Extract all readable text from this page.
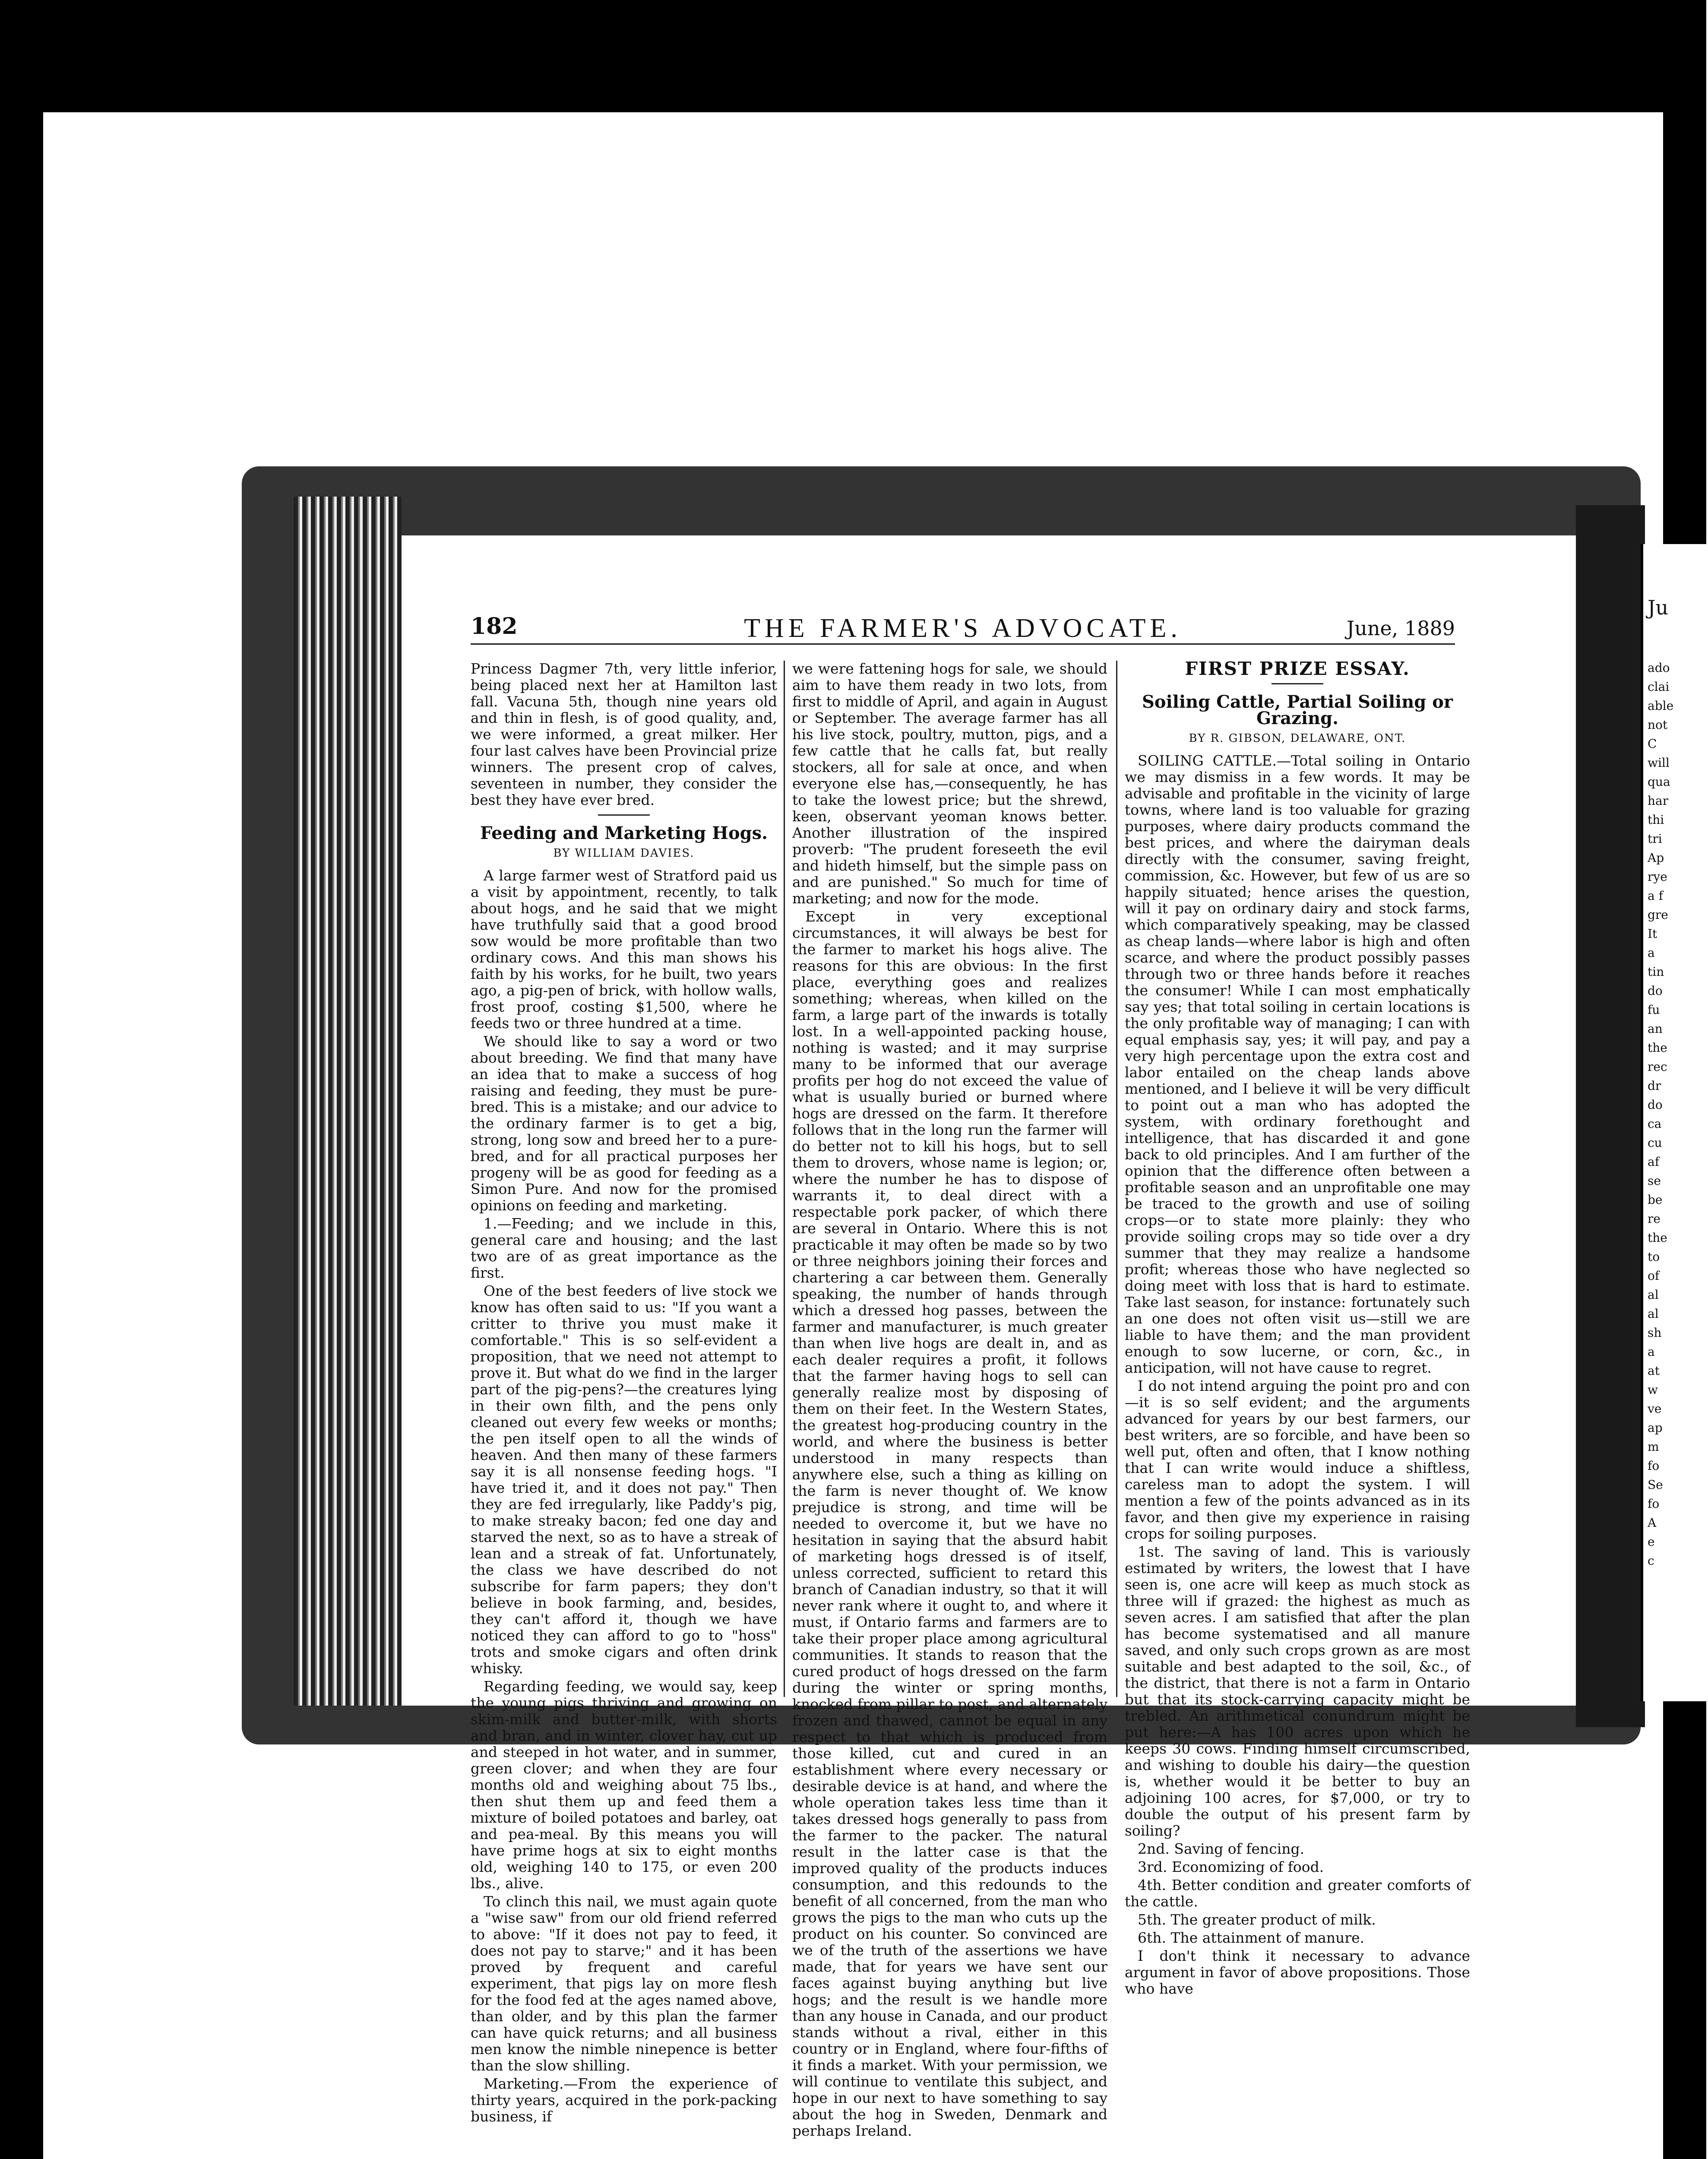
Ju
ado
clai
able
not
C
will
qua
har
thi
tri
Ap
rye
a f
gre
It
a
tin
do
fu
an
the
rec
dr
do
ca
cu
af
se
be
re
the
to
of
al
al
sh
a
at
w
ve
ap
m
fo
Se
fo
A
e
c
182	THE FARMER'S ADVOCATE.	June, 1889

Princess Dagmer 7th, very little inferior, being placed next her at Hamilton last fall. Vacuna 5th, though nine years old and thin in flesh, is of good quality, and, we were informed, a great milker. Her four last calves have been Provincial prize winners. The present crop of calves, seventeen in number, they consider the best they have ever bred.

Feeding and Marketing Hogs.
BY WILLIAM DAVIES.

A large farmer west of Stratford paid us a visit by appointment, recently, to talk about hogs, and he said that we might have truthfully said that a good brood sow would be more profitable than two ordinary cows. And this man shows his faith by his works, for he built, two years ago, a pig-pen of brick, with hollow walls, frost proof, costing $1,500, where he feeds two or three hundred at a time.

We should like to say a word or two about breeding. We find that many have an idea that to make a success of hog raising and feeding, they must be pure-bred. This is a mistake; and our advice to the ordinary farmer is to get a big, strong, long sow and breed her to a pure-bred, and for all practical purposes her progeny will be as good for feeding as a Simon Pure. And now for the promised opinions on feeding and marketing.

1.—Feeding; and we include in this, general care and housing; and the last two are of as great importance as the first.

One of the best feeders of live stock we know has often said to us: "If you want a critter to thrive you must make it comfortable." This is so self-evident a proposition, that we need not attempt to prove it. But what do we find in the larger part of the pig-pens?—the creatures lying in their own filth, and the pens only cleaned out every few weeks or months; the pen itself open to all the winds of heaven. And then many of these farmers say it is all nonsense feeding hogs. "I have tried it, and it does not pay." Then they are fed irregularly, like Paddy's pig, to make streaky bacon; fed one day and starved the next, so as to have a streak of lean and a streak of fat. Unfortunately, the class we have described do not subscribe for farm papers; they don't believe in book farming, and, besides, they can't afford it, though we have noticed they can afford to go to "hoss" trots and smoke cigars and often drink whisky.

Regarding feeding, we would say, keep the young pigs thriving and growing on skim-milk and butter-milk, with shorts and bran, and in winter, clover hay, cut up and steeped in hot water, and in summer, green clover; and when they are four months old and weighing about 75 lbs., then shut them up and feed them a mixture of boiled potatoes and barley, oat and pea-meal. By this means you will have prime hogs at six to eight months old, weighing 140 to 175, or even 200 lbs., alive.

To clinch this nail, we must again quote a "wise saw" from our old friend referred to above: "If it does not pay to feed, it does not pay to starve;" and it has been proved by frequent and careful experiment, that pigs lay on more flesh for the food fed at the ages named above, than older, and by this plan the farmer can have quick returns; and all business men know the nimble ninepence is better than the slow shilling.

Marketing.—From the experience of thirty years, acquired in the pork-packing business, if

we were fattening hogs for sale, we should aim to have them ready in two lots, from first to middle of April, and again in August or September. The average farmer has all his live stock, poultry, mutton, pigs, and a few cattle that he calls fat, but really stockers, all for sale at once, and when everyone else has,—consequently, he has to take the lowest price; but the shrewd, keen, observant yeoman knows better. Another illustration of the inspired proverb: "The prudent foreseeth the evil and hideth himself, but the simple pass on and are punished." So much for time of marketing; and now for the mode.

Except in very exceptional circumstances, it will always be best for the farmer to market his hogs alive. The reasons for this are obvious: In the first place, everything goes and realizes something; whereas, when killed on the farm, a large part of the inwards is totally lost. In a well-appointed packing house, nothing is wasted; and it may surprise many to be informed that our average profits per hog do not exceed the value of what is usually buried or burned where hogs are dressed on the farm. It therefore follows that in the long run the farmer will do better not to kill his hogs, but to sell them to drovers, whose name is legion; or, where the number he has to dispose of warrants it, to deal direct with a respectable pork packer, of which there are several in Ontario. Where this is not practicable it may often be made so by two or three neighbors joining their forces and chartering a car between them. Generally speaking, the number of hands through which a dressed hog passes, between the farmer and manufacturer, is much greater than when live hogs are dealt in, and as each dealer requires a profit, it follows that the farmer having hogs to sell can generally realize most by disposing of them on their feet. In the Western States, the greatest hog-producing country in the world, and where the business is better understood in many respects than anywhere else, such a thing as killing on the farm is never thought of. We know prejudice is strong, and time will be needed to overcome it, but we have no hesitation in saying that the absurd habit of marketing hogs dressed is of itself, unless corrected, sufficient to retard this branch of Canadian industry, so that it will never rank where it ought to, and where it must, if Ontario farms and farmers are to take their proper place among agricultural communities. It stands to reason that the cured product of hogs dressed on the farm during the winter or spring months, knocked from pillar to post, and alternately frozen and thawed, cannot be equal in any respect to that which is produced from those killed, cut and cured in an establishment where every necessary or desirable device is at hand, and where the whole operation takes less time than it takes dressed hogs generally to pass from the farmer to the packer. The natural result in the latter case is that the improved quality of the products induces consumption, and this redounds to the benefit of all concerned, from the man who grows the pigs to the man who cuts up the product on his counter. So convinced are we of the truth of the assertions we have made, that for years we have sent our faces against buying anything but live hogs; and the result is we handle more than any house in Canada, and our product stands without a rival, either in this country or in England, where four-fifths of it finds a market. With your permission, we will continue to ventilate this subject, and hope in our next to have something to say about the hog in Sweden, Denmark and perhaps Ireland.

FIRST PRIZE ESSAY.
Soiling Cattle, Partial Soiling or Grazing.
BY R. GIBSON, DELAWARE, ONT.

SOILING CATTLE.—Total soiling in Ontario we may dismiss in a few words. It may be advisable and profitable in the vicinity of large towns, where land is too valuable for grazing purposes, where dairy products command the best prices, and where the dairyman deals directly with the consumer, saving freight, commission, &c. However, but few of us are so happily situated; hence arises the question, will it pay on ordinary dairy and stock farms, which comparatively speaking, may be classed as cheap lands—where labor is high and often scarce, and where the product possibly passes through two or three hands before it reaches the consumer! While I can most emphatically say yes; that total soiling in certain locations is the only profitable way of managing; I can with equal emphasis say, yes; it will pay, and pay a very high percentage upon the extra cost and labor entailed on the cheap lands above mentioned, and I believe it will be very difficult to point out a man who has adopted the system, with ordinary forethought and intelligence, that has discarded it and gone back to old principles. And I am further of the opinion that the difference often between a profitable season and an unprofitable one may be traced to the growth and use of soiling crops—or to state more plainly: they who provide soiling crops may so tide over a dry summer that they may realize a handsome profit; whereas those who have neglected so doing meet with loss that is hard to estimate. Take last season, for instance: fortunately such an one does not often visit us—still we are liable to have them; and the man provident enough to sow lucerne, or corn, &c., in anticipation, will not have cause to regret.

I do not intend arguing the point pro and con—it is so self evident; and the arguments advanced for years by our best farmers, our best writers, are so forcible, and have been so well put, often and often, that I know nothing that I can write would induce a shiftless, careless man to adopt the system. I will mention a few of the points advanced as in its favor, and then give my experience in raising crops for soiling purposes.

1st. The saving of land. This is variously estimated by writers, the lowest that I have seen is, one acre will keep as much stock as three will if grazed: the highest as much as seven acres. I am satisfied that after the plan has become systematised and all manure saved, and only such crops grown as are most suitable and best adapted to the soil, &c., of the district, that there is not a farm in Ontario but that its stock-carrying capacity might be trebled. An arithmetical conundrum might be put here:—A has 100 acres upon which he keeps 30 cows. Finding himself circumscribed, and wishing to double his dairy—the question is, whether would it be better to buy an adjoining 100 acres, for $7,000, or try to double the output of his present farm by soiling?

2nd. Saving of fencing.

3rd. Economizing of food.

4th. Better condition and greater comforts of the cattle.

5th. The greater product of milk.

6th. The attainment of manure.

I don't think it necessary to advance argument in favor of above propositions. Those who have
